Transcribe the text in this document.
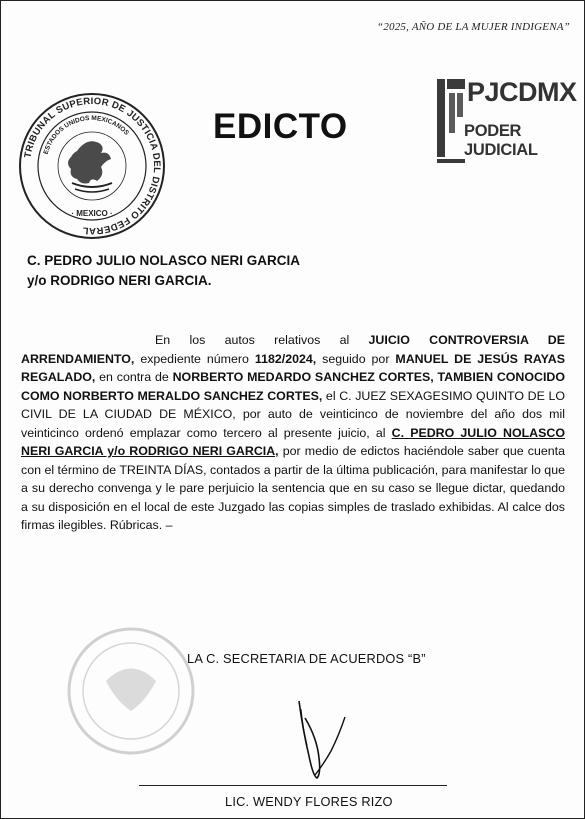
“2025, AÑO DE LA MUJER INDIGENA”
TRIBUNAL SUPERIOR DE JUSTICIA DEL DISTRITO FEDERAL
ESTADOS UNIDOS MEXICANOS
· MEXICO ·
EDICTO
PJCDMX
PODER JUDICIAL
C. PEDRO JULIO NOLASCO NERI GARCIA
y/o RODRIGO NERI GARCIA.
En los autos relativos al JUICIO CONTROVERSIA DE ARRENDAMIENTO, expediente número 1182/2024, seguido por MANUEL DE JESÚS RAYAS REGALADO, en contra de NORBERTO MEDARDO SANCHEZ CORTES, TAMBIEN CONOCIDO COMO NORBERTO MERALDO SANCHEZ CORTES, el C. JUEZ SEXAGESIMO QUINTO DE LO CIVIL DE LA CIUDAD DE MÉXICO, por auto de veinticinco de noviembre del año dos mil veinticinco ordenó emplazar como tercero al presente juicio, al C. PEDRO JULIO NOLASCO NERI GARCIA y/o RODRIGO NERI GARCIA, por medio de edictos haciéndole saber que cuenta con el término de TREINTA DÍAS, contados a partir de la última publicación, para manifestar lo que a su derecho convenga y le pare perjuicio la sentencia que en su caso se llegue dictar, quedando a su disposición en el local de este Juzgado las copias simples de traslado exhibidas. Al calce dos firmas ilegibles. Rúbricas. –
LA C. SECRETARIA DE ACUERDOS “B”
LIC. WENDY FLORES RIZO
